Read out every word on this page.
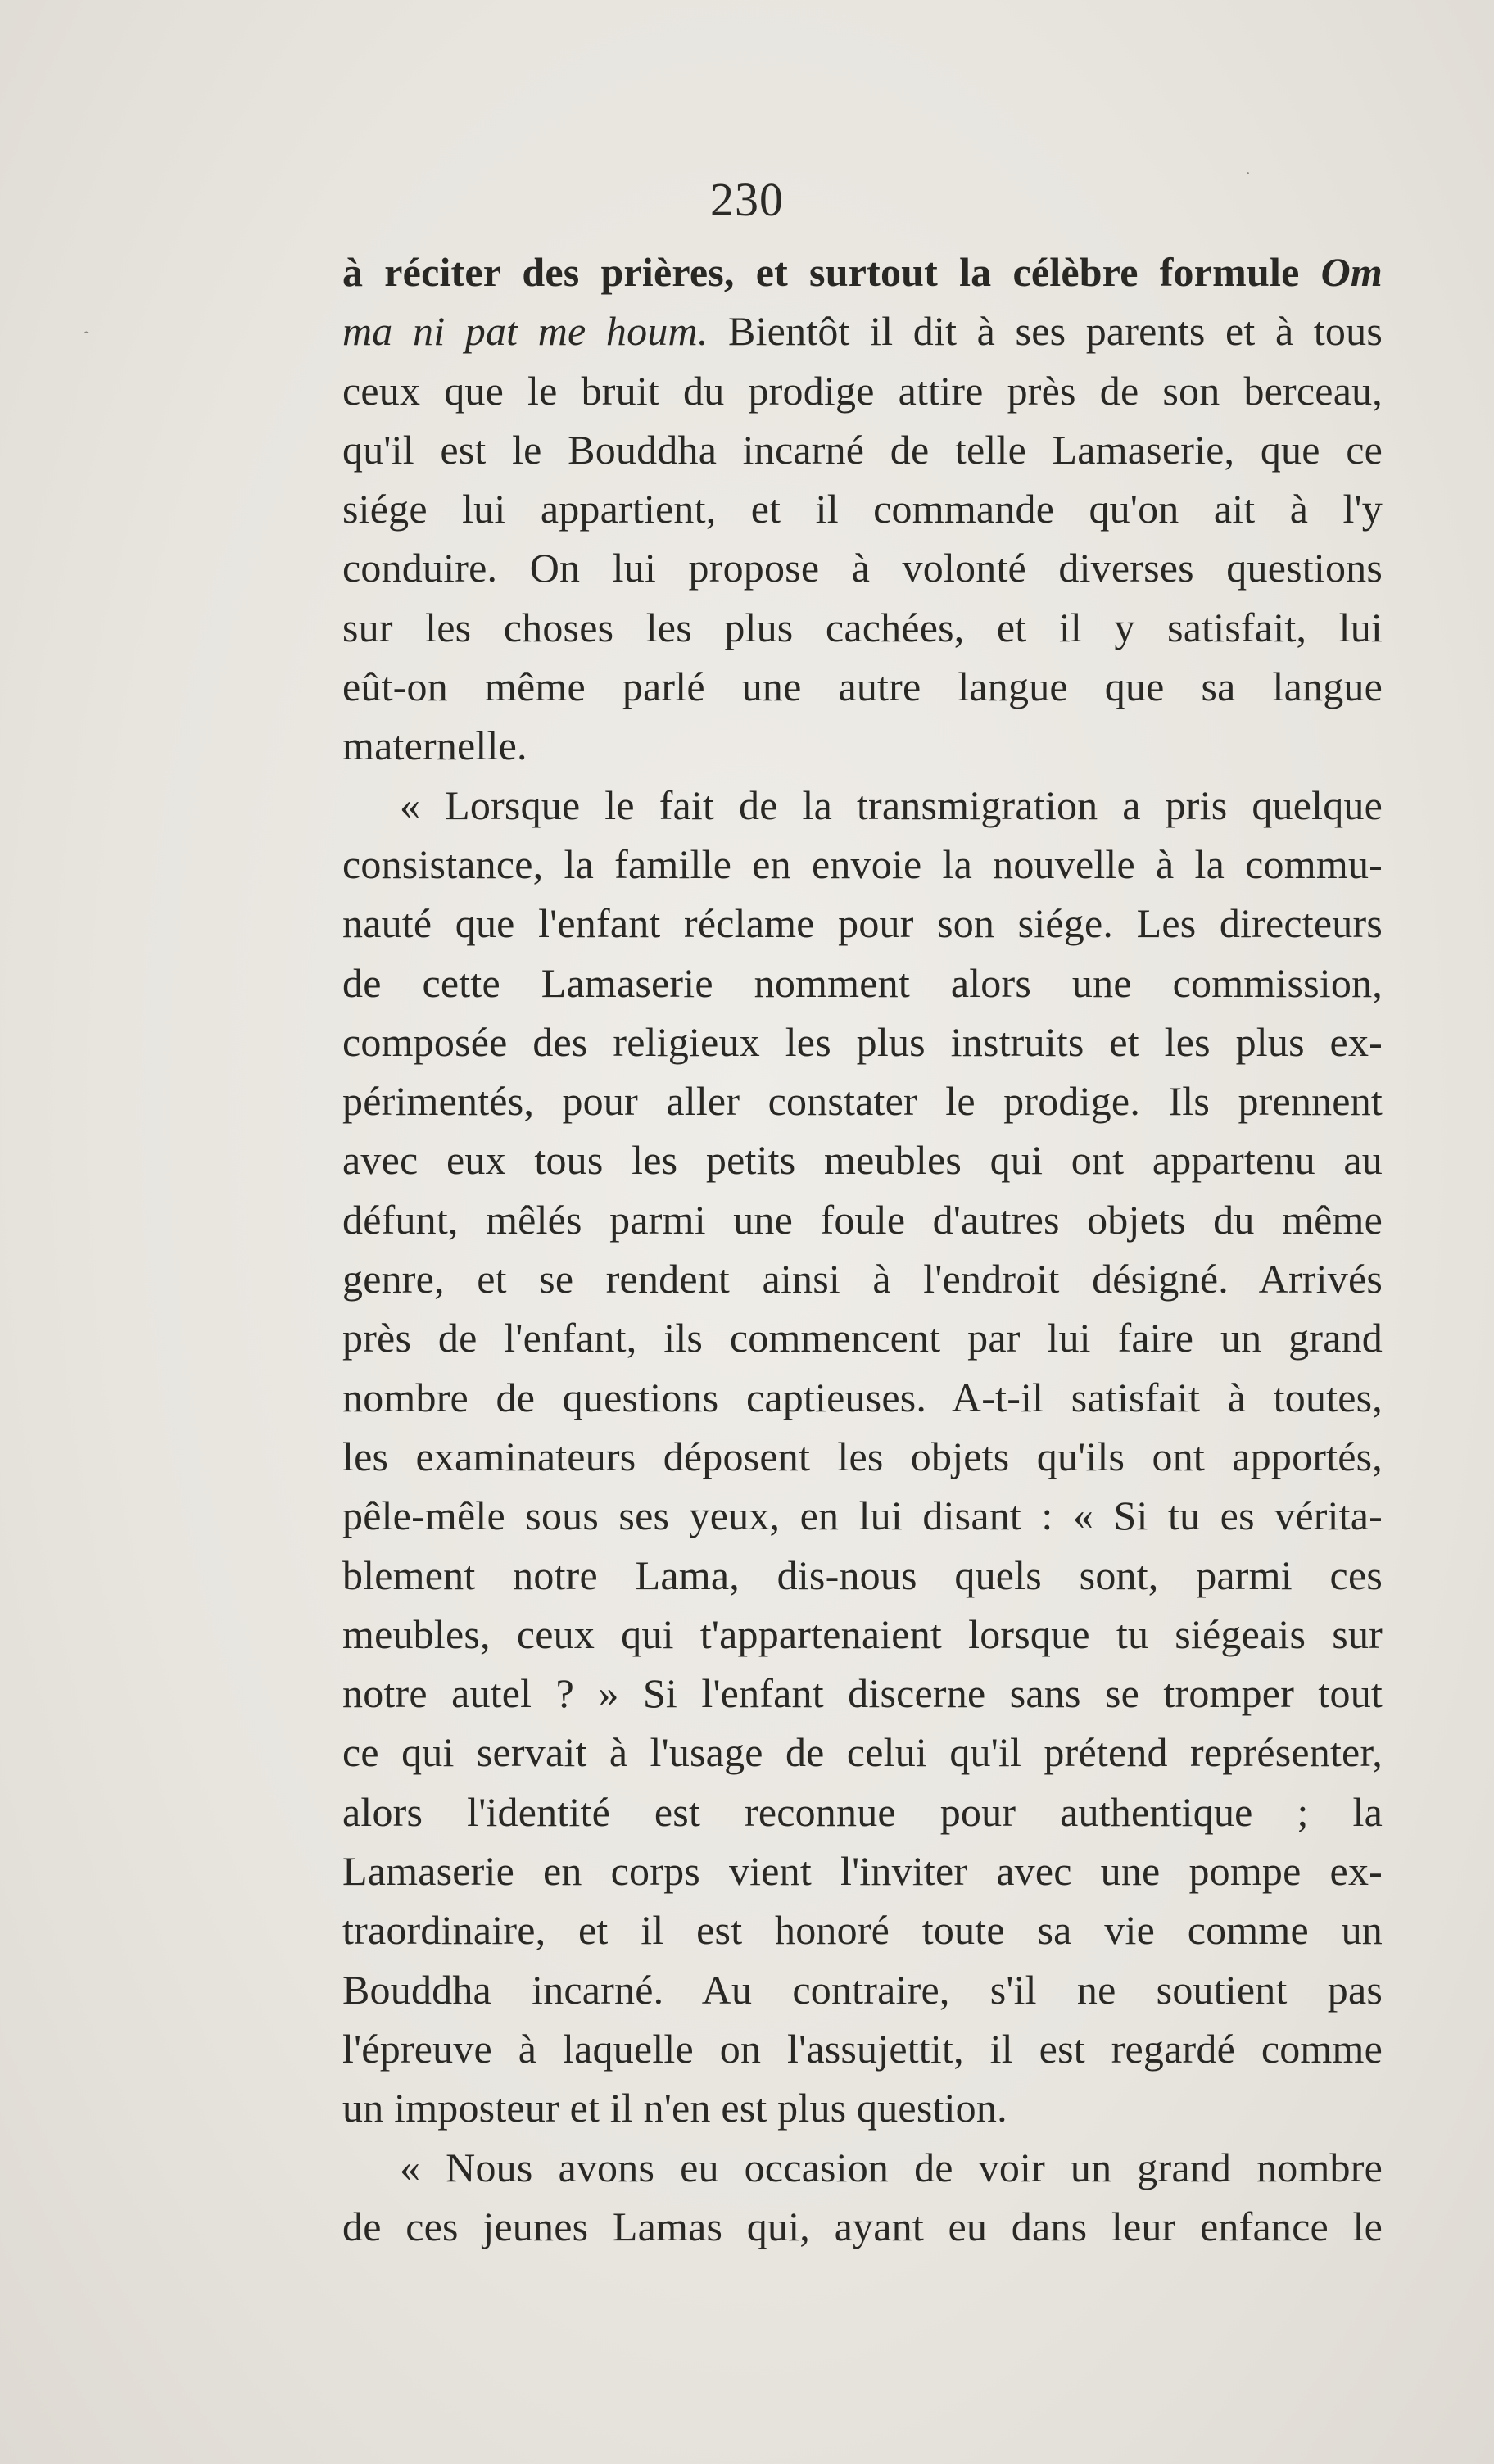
230	˙
ˋ
à réciter des prières, et surtout la célèbre formule Om
ma ni pat me houm. Bientôt il dit à ses parents et à tous
ceux que le bruit du prodige attire près de son berceau,
qu'il est le Bouddha incarné de telle Lamaserie, que ce
siége lui appartient, et il commande qu'on ait à l'y
conduire. On lui propose à volonté diverses questions
sur les choses les plus cachées, et il y satisfait, lui
eût-on même parlé une autre langue que sa langue
maternelle.
« Lorsque le fait de la transmigration a pris quelque
consistance, la famille en envoie la nouvelle à la commu-
nauté que l'enfant réclame pour son siége. Les directeurs
de cette Lamaserie nomment alors une commission,
composée des religieux les plus instruits et les plus ex-
périmentés, pour aller constater le prodige. Ils prennent
avec eux tous les petits meubles qui ont appartenu au
défunt, mêlés parmi une foule d'autres objets du même
genre, et se rendent ainsi à l'endroit désigné. Arrivés
près de l'enfant, ils commencent par lui faire un grand
nombre de questions captieuses. A-t-il satisfait à toutes,
les examinateurs déposent les objets qu'ils ont apportés,
pêle-mêle sous ses yeux, en lui disant : « Si tu es vérita-
blement notre Lama, dis-nous quels sont, parmi ces
meubles, ceux qui t'appartenaient lorsque tu siégeais sur
notre autel ? » Si l'enfant discerne sans se tromper tout
ce qui servait à l'usage de celui qu'il prétend représenter,
alors l'identité est reconnue pour authentique ; la
Lamaserie en corps vient l'inviter avec une pompe ex-
traordinaire, et il est honoré toute sa vie comme un
Bouddha incarné. Au contraire, s'il ne soutient pas
l'épreuve à laquelle on l'assujettit, il est regardé comme
un imposteur et il n'en est plus question.
« Nous avons eu occasion de voir un grand nombre
de ces jeunes Lamas qui, ayant eu dans leur enfance le
